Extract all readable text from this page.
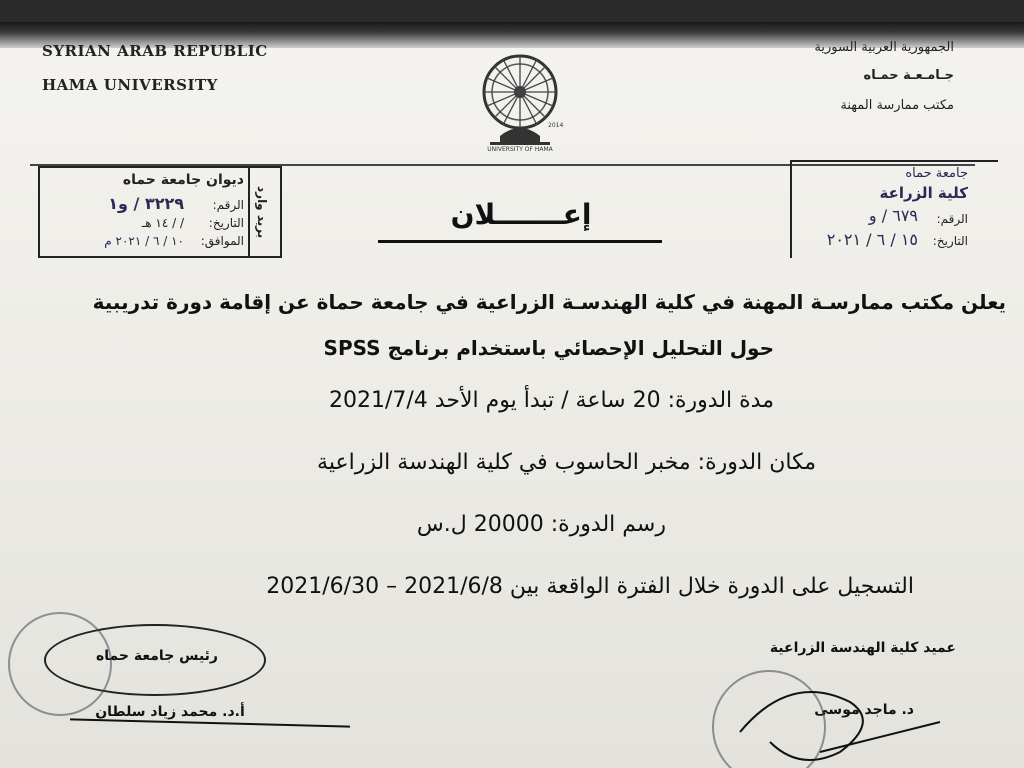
SYRIAN ARAB REPUBLIC
HAMA UNIVERSITY
الجمهورية العربية السورية
جـامـعـة حمـاه
مكتب ممارسة المهنة
UNIVERSITY OF HAMA
2014
بريد وارد
ديوان جامعة حماه
الرقم:
٣٢٢٩ / و١
التاريخ:
/ / ١٤ هـ
الموافق:
١٠ / ٦ / ٢٠٢١ م
جامعة حماه
كلية الزراعة
الرقم:
٦٧٩ / و
التاريخ:
١٥ / ٦ / ٢٠٢١
إعـــــــلان
يعلن مكتب ممارسـة المهنة في كلية الهندسـة الزراعية في جامعة حماة عن إقامة دورة تدريبية
حول التحليل الإحصائي باستخدام برنامج SPSS
مدة الدورة: 20 ساعة / تبدأ يوم الأحد 2021/7/4
مكان الدورة: مخبر الحاسوب في كلية الهندسة الزراعية
رسم الدورة: 20000 ل.س
التسجيل على الدورة خلال الفترة الواقعة بين 2021/6/8 – 2021/6/30
عميد كلية الهندسة الزراعية
د. ماجد موسى
رئيس جامعة حماه
أ.د. محمد زياد سلطان
